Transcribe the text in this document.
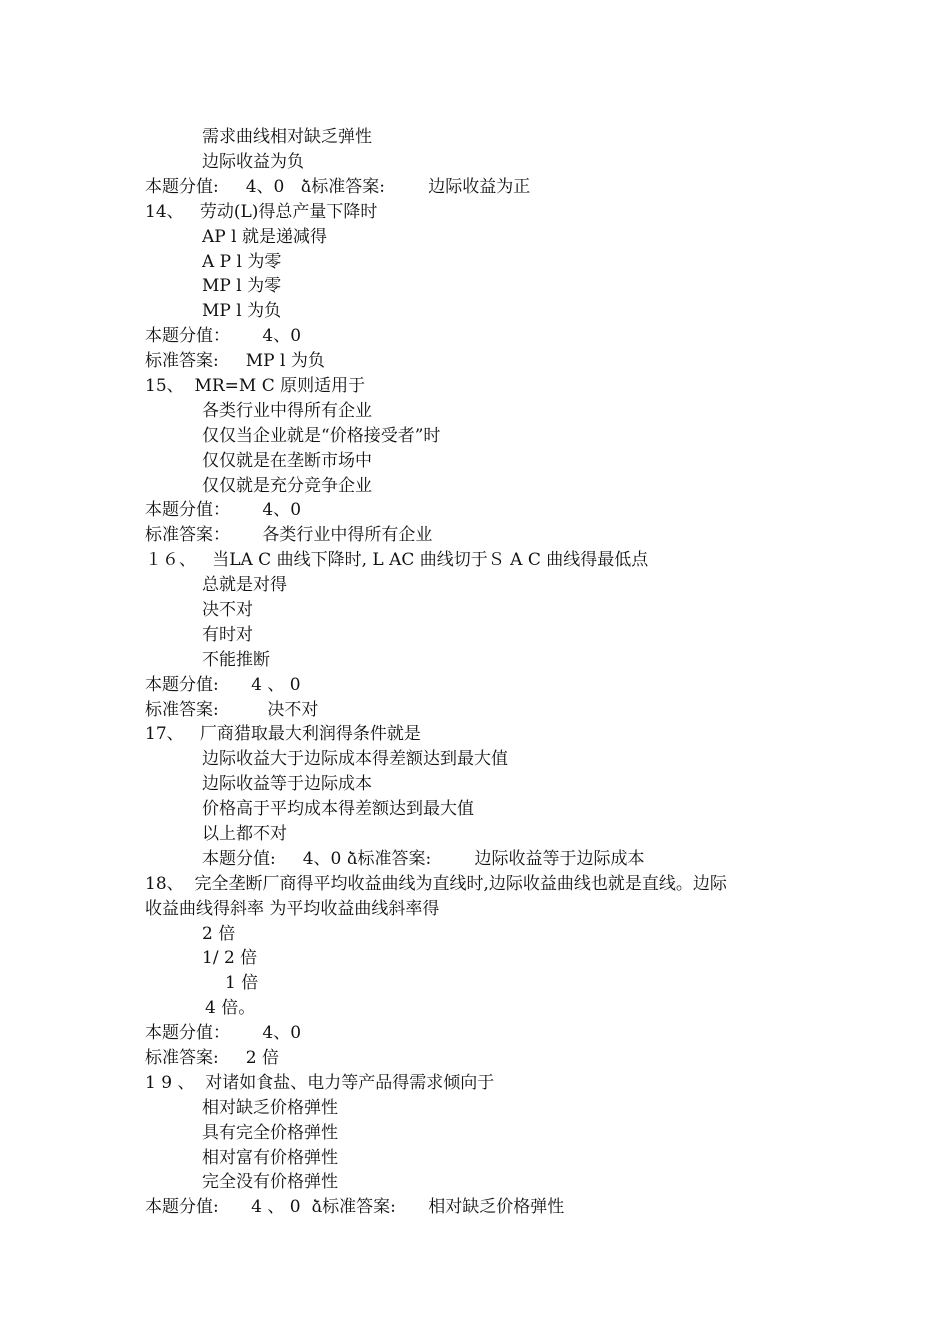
需求曲线相对缺乏弹性
边际收益为负
本题分值:     4、0   ձ标准答案:        边际收益为正
14、   劳动(L)得总产量下降时
AP l 就是递减得
A P l 为零
MP l 为零
MP l 为负
本题分值：      4、0
标准答案:     MP l 为负
15、  MR=M C 原则适用于
各类行业中得所有企业
仅仅当企业就是“价格接受者”时
仅仅就是在垄断市场中
仅仅就是充分竞争企业
本题分值：      4、0
标准答案：      各类行业中得所有企业
１６、   当LA C 曲线下降时, L AC 曲线切于Ｓ A C 曲线得最低点
总就是对得
决不对
有时对
不能推断
本题分值:      4 、 0
标准答案:         决不对
17、   厂商猎取最大利润得条件就是
边际收益大于边际成本得差额达到最大值
边际收益等于边际成本
价格高于平均成本得差额达到最大值
以上都不对
本题分值:     4、0 ձ标准答案:        边际收益等于边际成本
18、  完全垄断厂商得平均收益曲线为直线时,边际收益曲线也就是直线。边际
收益曲线得斜率 为平均收益曲线斜率得
2 倍
1/ 2 倍
1 倍
4 倍。
本题分值：      4、0
标准答案:     2 倍
1 9 、  对诸如食盐、电力等产品得需求倾向于
相对缺乏价格弹性
具有完全价格弹性
相对富有价格弹性
完全没有价格弹性
本题分值:      4 、 0  ձ标准答案:      相对缺乏价格弹性
